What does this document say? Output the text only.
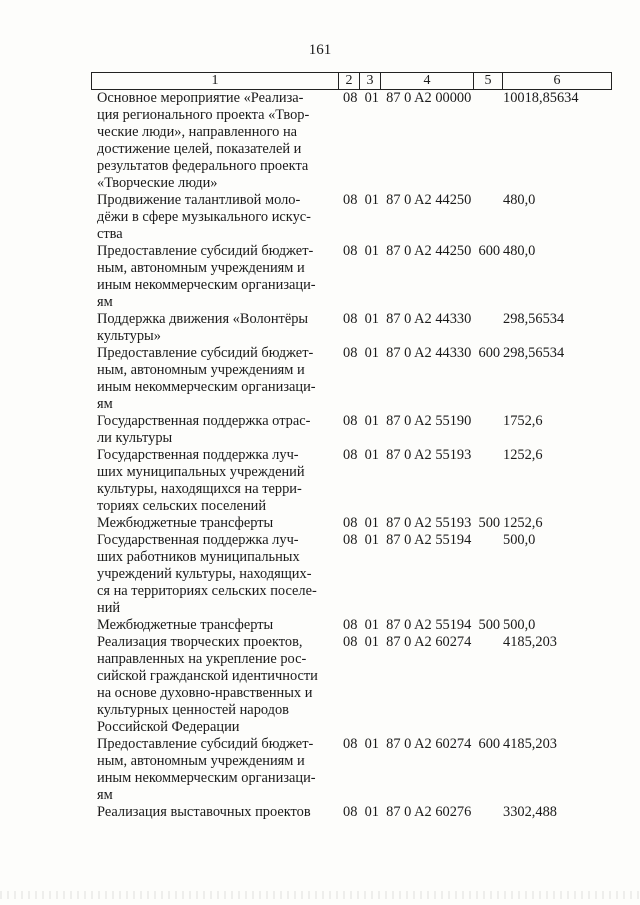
161
1	2	3	4	5	6
Основное мероприятие «Реализа-
ция регионального проекта «Твор-
ческие люди», направленного на
достижение целей, показателей и
результатов федерального проекта
«Творческие люди»
08  01  87 0 A2 00000	10018,85634
Продвижение талантливой моло-
дёжи в сфере музыкального искус-
ства
08  01  87 0 A2 44250	480,0
Предоставление субсидий бюджет-
ным, автономным учреждениям и
иным некоммерческим организаци-
ям
08  01  87 0 A2 44250  600 480,0
Поддержка движения «Волонтёры
культуры»
08  01  87 0 A2 44330	298,56534
Предоставление субсидий бюджет-
ным, автономным учреждениям и
иным некоммерческим организаци-
ям
08  01  87 0 A2 44330  600 298,56534
Государственная поддержка отрас-
ли культуры
08  01  87 0 A2 55190	1752,6
Государственная поддержка луч-
ших муниципальных учреждений
культуры, находящихся на терри-
ториях сельских поселений
08  01  87 0 A2 55193	1252,6
Межбюджетные трансферты	08  01  87 0 A2 55193  500 1252,6
Государственная поддержка луч-
ших работников муниципальных
учреждений культуры, находящих-
ся на территориях сельских поселе-
ний
08  01  87 0 A2 55194	500,0
Межбюджетные трансферты	08  01  87 0 A2 55194  500 500,0
Реализация творческих проектов,
направленных на укрепление рос-
сийской гражданской идентичности
на основе духовно-нравственных и
культурных ценностей народов
Российской Федерации
08  01  87 0 A2 60274	4185,203
Предоставление субсидий бюджет-
ным, автономным учреждениям и
иным некоммерческим организаци-
ям
08  01  87 0 A2 60274  600 4185,203
Реализация выставочных проектов	08  01  87 0 A2 60276	3302,488
